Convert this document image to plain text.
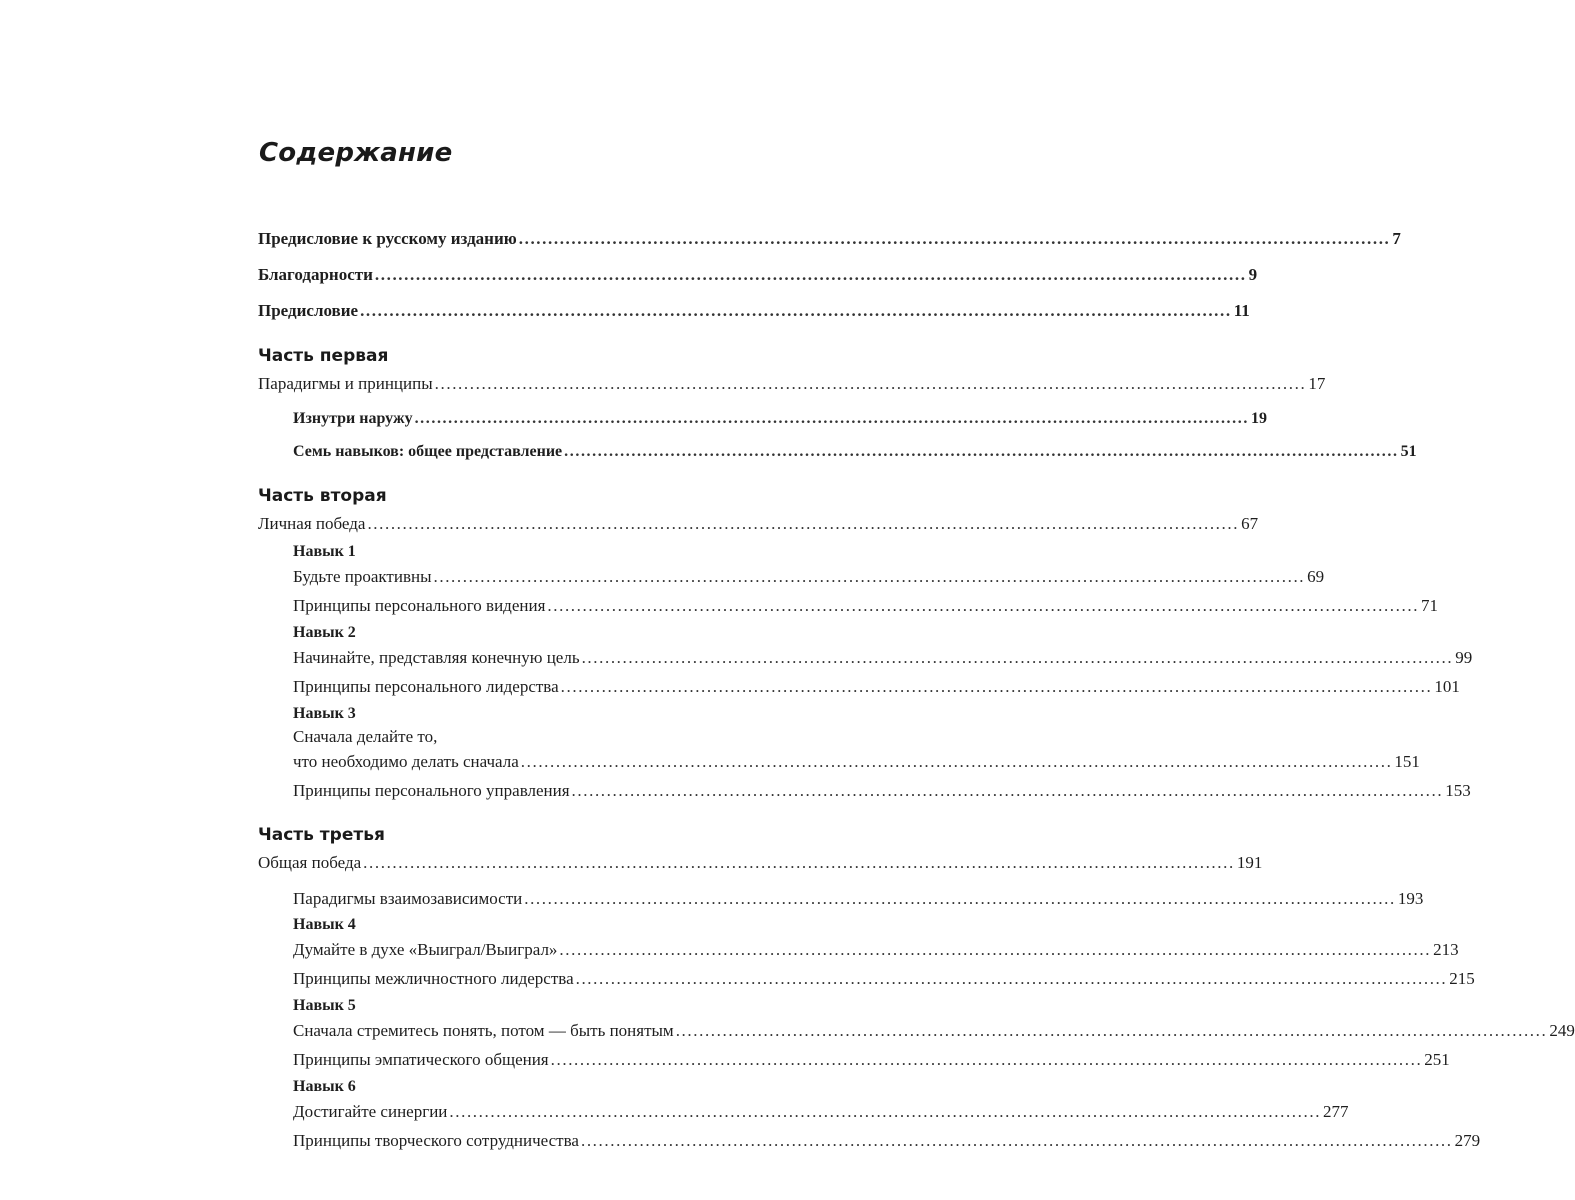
Содержание
Предисловие к русскому изданию ..................................................................................................................................................... 7
Благодарности ..................................................................................................................................................... 9
Предисловие ..................................................................................................................................................... 11
Часть первая
Парадигмы и принципы ..................................................................................................................................................... 17
Изнутри наружу ..................................................................................................................................................... 19
Семь навыков: общее представление ..................................................................................................................................................... 51
Часть вторая
Личная победа ..................................................................................................................................................... 67
Навык 1
Будьте проактивны ..................................................................................................................................................... 69
Принципы персонального видения ..................................................................................................................................................... 71
Навык 2
Начинайте, представляя конечную цель ..................................................................................................................................................... 99
Принципы персонального лидерства ..................................................................................................................................................... 101
Навык 3
Сначала делайте то,
что необходимо делать сначала ..................................................................................................................................................... 151
Принципы персонального управления ..................................................................................................................................................... 153
Часть третья
Общая победа ..................................................................................................................................................... 191
Парадигмы взаимозависимости ..................................................................................................................................................... 193
Навык 4
Думайте в духе «Выиграл/Выиграл» ..................................................................................................................................................... 213
Принципы межличностного лидерства ..................................................................................................................................................... 215
Навык 5
Сначала стремитесь понять, потом — быть понятым ..................................................................................................................................................... 249
Принципы эмпатического общения ..................................................................................................................................................... 251
Навык 6
Достигайте синергии ..................................................................................................................................................... 277
Принципы творческого сотрудничества ..................................................................................................................................................... 279
